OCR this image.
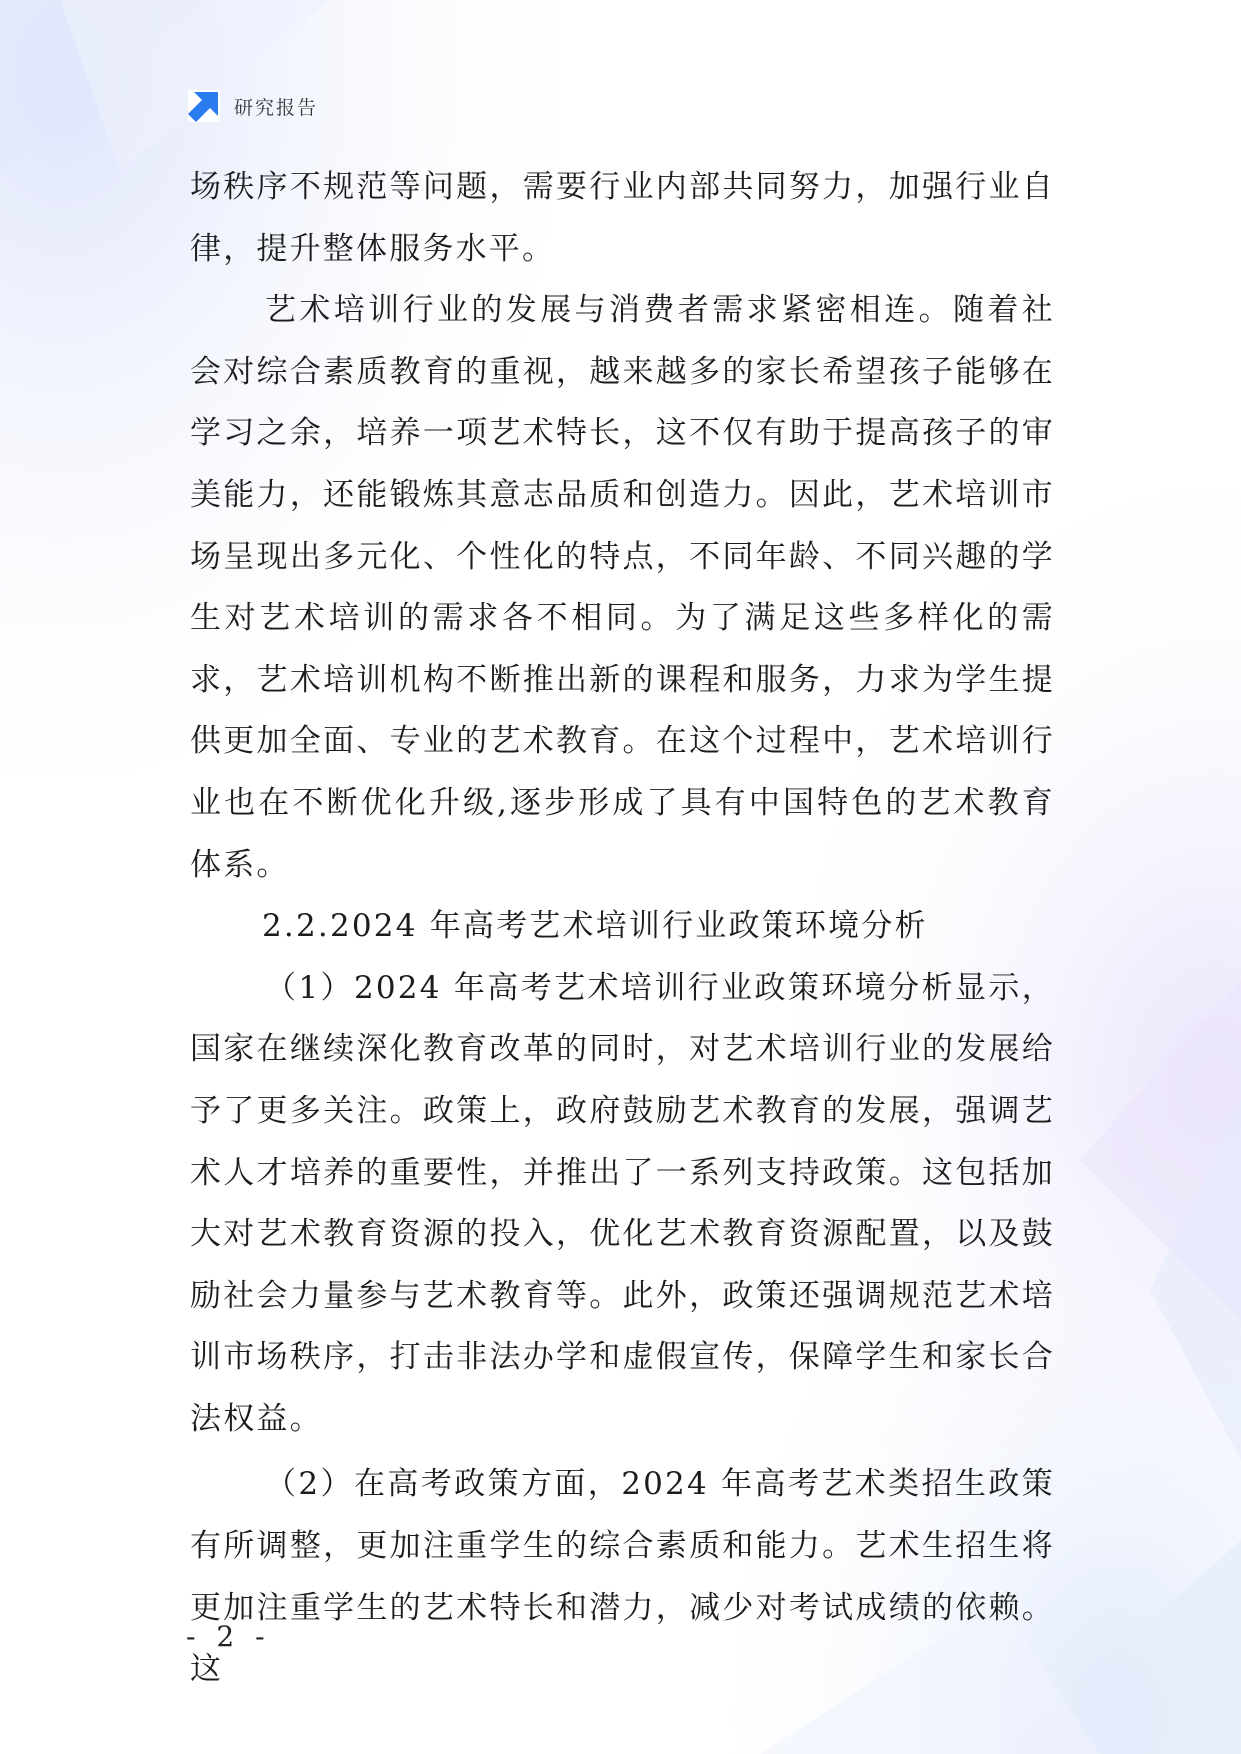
研究报告

场秩序不规范等问题，需要行业内部共同努力，加强行业自律，提升整体服务水平。

艺术培训行业的发展与消费者需求紧密相连。随着社会对综合素质教育的重视，越来越多的家长希望孩子能够在学习之余，培养一项艺术特长，这不仅有助于提高孩子的审美能力，还能锻炼其意志品质和创造力。因此，艺术培训市场呈现出多元化、个性化的特点，不同年龄、不同兴趣的学生对艺术培训的需求各不相同。为了满足这些多样化的需求，艺术培训机构不断推出新的课程和服务，力求为学生提供更加全面、专业的艺术教育。在这个过程中，艺术培训行业也在不断优化升级,逐步形成了具有中国特色的艺术教育体系。

2.2.2024 年高考艺术培训行业政策环境分析

（1）2024 年高考艺术培训行业政策环境分析显示，国家在继续深化教育改革的同时，对艺术培训行业的发展给予了更多关注。政策上，政府鼓励艺术教育的发展，强调艺术人才培养的重要性，并推出了一系列支持政策。这包括加大对艺术教育资源的投入，优化艺术教育资源配置，以及鼓励社会力量参与艺术教育等。此外，政策还强调规范艺术培训市场秩序，打击非法办学和虚假宣传，保障学生和家长合法权益。

（2）在高考政策方面，2024 年高考艺术类招生政策有所调整，更加注重学生的综合素质和能力。艺术生招生将更加注重学生的艺术特长和潜力，减少对考试成绩的依赖。这

- 2 -
